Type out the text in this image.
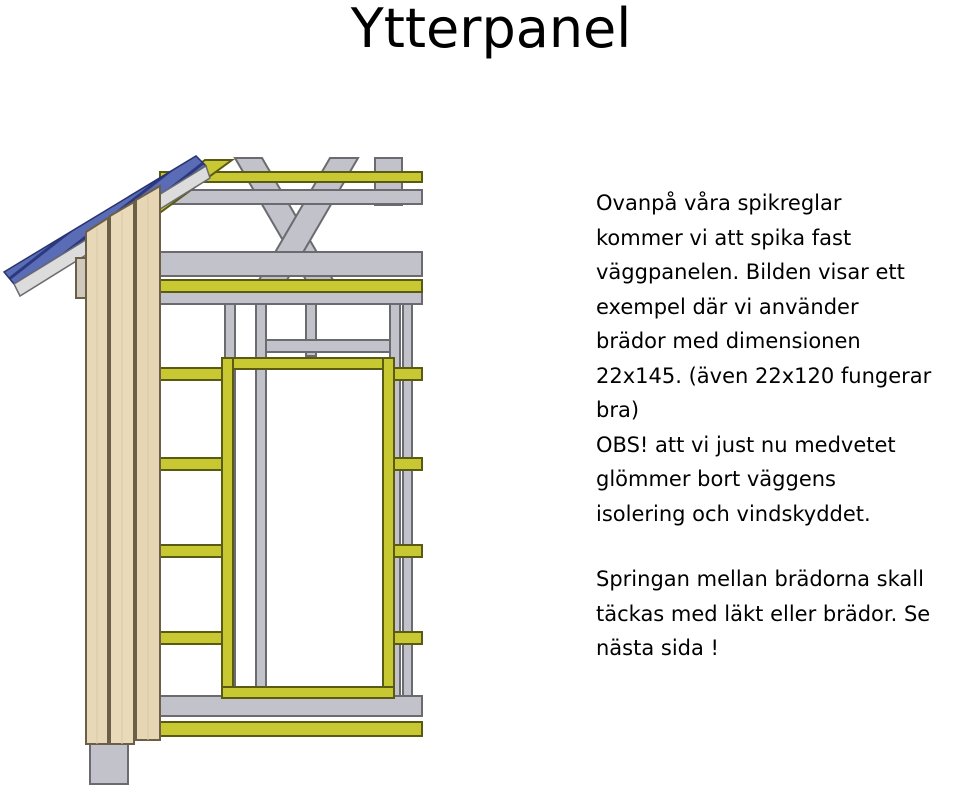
Ytterpanel

Ovanpå våra spikreglar

kommer vi att spika fast

väggpanelen. Bilden visar ett

exempel där vi använder

brädor med dimensionen

22x145. (även 22x120 fungerar

bra)

OBS! att vi just nu medvetet

glömmer bort väggens

isolering och vindskyddet.

Springan mellan brädorna skall

täckas med läkt eller brädor. Se

nästa sida !
